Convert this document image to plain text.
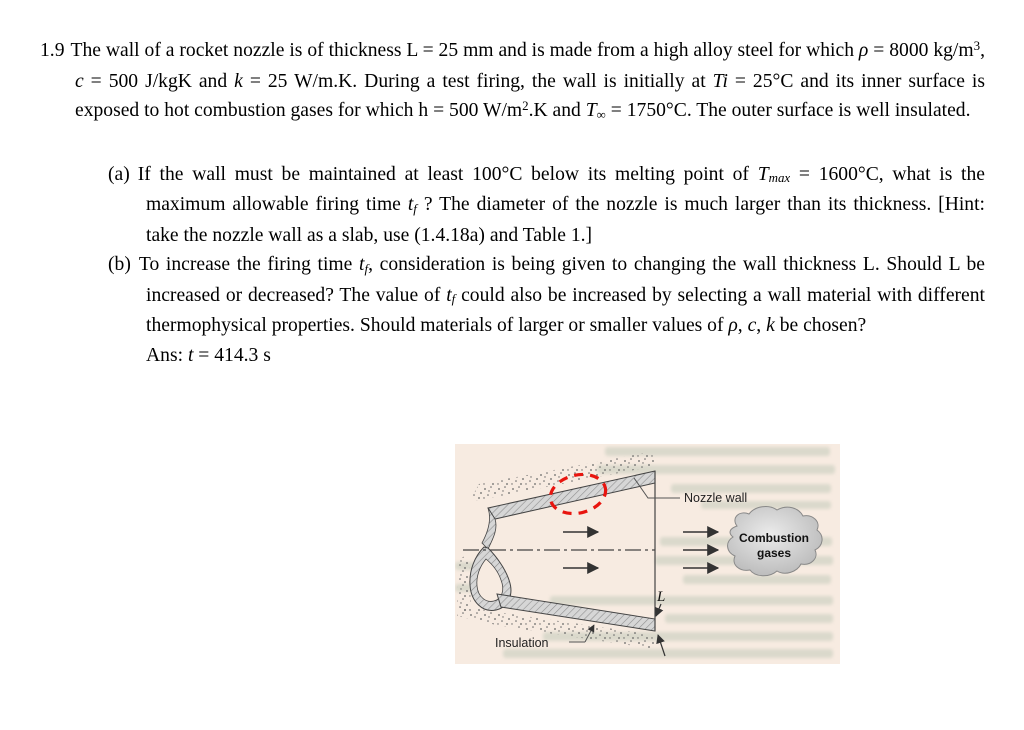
1.9 The wall of a rocket nozzle is of thickness L = 25 mm and is made from a high alloy steel for which ρ = 8000 $kg/m^3$, c = 500 J/kgK and k = 25 W/m.K. During a test firing, the wall is initially at Ti = 25°C and its inner surface is exposed to hot combustion gases for which h = 500 $W/m^2.K$ and T∞ = 1750°C. The outer surface is well insulated.
(a) If the wall must be maintained at least 100°C below its melting point of Tmax = 1600°C, what is the maximum allowable firing time tf ? The diameter of the nozzle is much larger than its thickness. [Hint: take the nozzle wall as a slab, use (1.4.18a) and Table 1.]
(b) To increase the firing time tf, consideration is being given to changing the wall thickness L. Should L be increased or decreased? The value of tf could also be increased by selecting a wall material with different thermophysical properties. Should materials of larger or smaller values of ρ, c, k be chosen?
Ans: t = 414.3 s
Combustion
gases
Nozzle wall
L
Insulation
